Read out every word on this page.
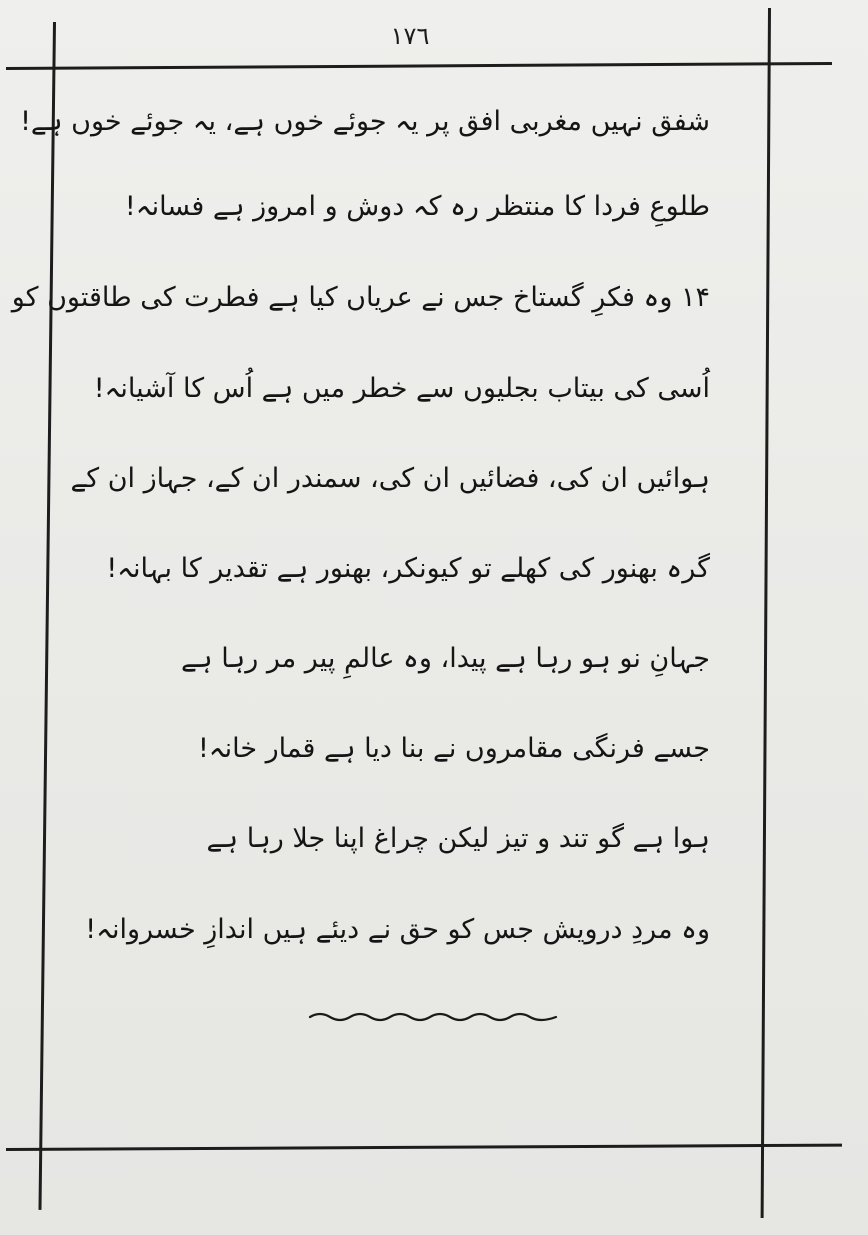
١٧٦
شفق نہیں مغربی افق پر یہ جوئے خوں ہے، یہ جوئے خوں ہے!
طلوعِ فردا کا منتظر رہ کہ دوش و امروز ہے فسانہ!
۱۴ وہ فکرِ گستاخ جس نے عریاں کیا ہے فطرت کی طاقتوں کو
اُسی کی بیتاب بجلیوں سے خطر میں ہے اُس کا آشیانہ!
ہوائیں ان کی، فضائیں ان کی، سمندر ان کے، جہاز ان کے
گرہ بھنور کی کھلے تو کیونکر، بھنور ہے تقدیر کا بہانہ!
جہانِ نو ہو رہا ہے پیدا، وہ عالمِ پیر مر رہا ہے
جسے فرنگی مقامروں نے بنا دیا ہے قمار خانہ!
ہوا ہے گو تند و تیز لیکن چراغ اپنا جلا رہا ہے
وہ مردِ درویش جس کو حق نے دیئے ہیں اندازِ خسروانہ!
